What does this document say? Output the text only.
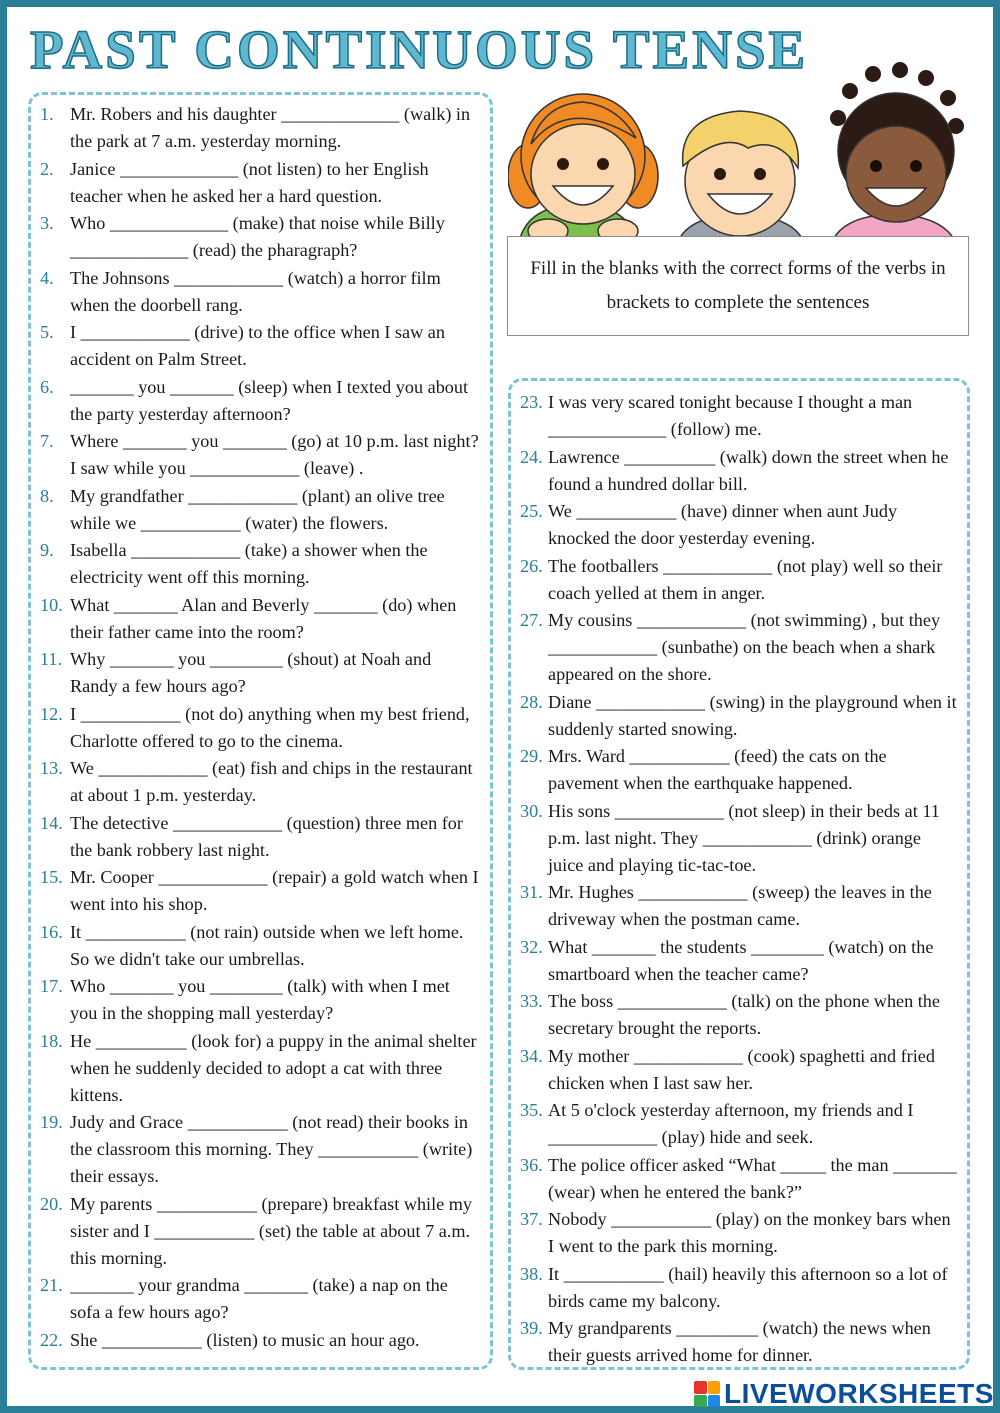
PAST CONTINUOUS TENSE
Fill in the blanks with the correct forms of the verbs in brackets to complete the sentences
1. Mr. Robers and his daughter _____________ (walk) in the park at 7 a.m. yesterday morning.
2. Janice _____________ (not listen) to her English teacher when he asked her a hard question.
3. Who _____________ (make) that noise while Billy _____________ (read) the pharagraph?
4. The Johnsons ____________ (watch) a horror film when the doorbell rang.
5. I ____________ (drive) to the office when I saw an accident on Palm Street.
6. _______ you _______ (sleep) when I texted you about the party yesterday afternoon?
7. Where _______ you _______ (go) at 10 p.m. last night? I saw while you ____________ (leave) .
8. My grandfather ____________ (plant) an olive tree while we ___________ (water) the flowers.
9. Isabella ____________ (take) a shower when the electricity went off this morning.
10. What _______ Alan and Beverly _______ (do) when their father came into the room?
11. Why _______ you ________ (shout) at Noah and Randy a few hours ago?
12. I ___________ (not do) anything when my best friend, Charlotte offered to go to the cinema.
13. We ____________ (eat) fish and chips in the restaurant at about 1 p.m. yesterday.
14. The detective ____________ (question) three men for the bank robbery last night.
15. Mr. Cooper ____________ (repair) a gold watch when I went into his shop.
16. It ___________ (not rain) outside when we left home. So we didn't take our umbrellas.
17. Who _______ you ________ (talk) with when I met you in the shopping mall yesterday?
18. He __________ (look for) a puppy in the animal shelter when he suddenly decided to adopt a cat with three kittens.
19. Judy and Grace ___________ (not read) their books in the classroom this morning. They ___________ (write) their essays.
20. My parents ___________ (prepare) breakfast while my sister and I ___________ (set) the table at about 7 a.m. this morning.
21. _______ your grandma _______ (take) a nap on the sofa a few hours ago?
22. She ___________ (listen) to music an hour ago.
23. I was very scared tonight because I thought a man _____________ (follow) me.
24. Lawrence __________ (walk) down the street when he found a hundred dollar bill.
25. We ___________ (have) dinner when aunt Judy knocked the door yesterday evening.
26. The footballers ____________ (not play) well so their coach yelled at them in anger.
27. My cousins ____________ (not swimming) , but they ____________ (sunbathe) on the beach when a shark appeared on the shore.
28. Diane ____________ (swing) in the playground when it suddenly started snowing.
29. Mrs. Ward ___________ (feed) the cats on the pavement when the earthquake happened.
30. His sons ____________ (not sleep) in their beds at 11 p.m. last night. They ____________ (drink) orange juice and playing tic-tac-toe.
31. Mr. Hughes ____________ (sweep) the leaves in the driveway when the postman came.
32. What _______ the students ________ (watch) on the smartboard when the teacher came?
33. The boss ____________ (talk) on the phone when the secretary brought the reports.
34. My mother ____________ (cook) spaghetti and fried chicken when I last saw her.
35. At 5 o'clock yesterday afternoon, my friends and I ____________ (play) hide and seek.
36. The police officer asked “What _____ the man _______ (wear) when he entered the bank?”
37. Nobody ___________ (play) on the monkey bars when I went to the park this morning.
38. It ___________ (hail) heavily this afternoon so a lot of birds came my balcony.
39. My grandparents _________ (watch) the news when their guests arrived home for dinner.
LIVEWORKSHEETS
